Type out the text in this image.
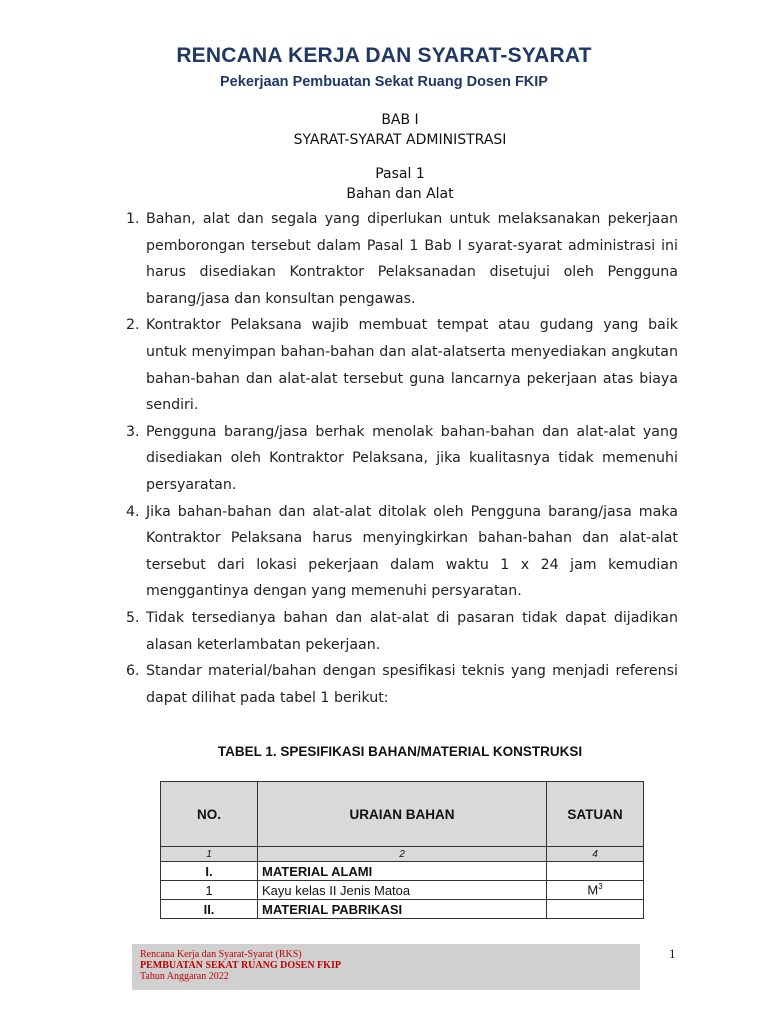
RENCANA KERJA DAN SYARAT-SYARAT
Pekerjaan Pembuatan Sekat Ruang Dosen FKIP
BAB I
SYARAT-SYARAT ADMINISTRASI
Pasal 1
Bahan dan Alat
1. Bahan, alat dan segala yang diperlukan untuk melaksanakan pekerjaan pemborongan tersebut dalam Pasal 1 Bab I syarat-syarat administrasi ini harus disediakan Kontraktor Pelaksanadan disetujui oleh Pengguna barang/jasa dan konsultan pengawas.
2. Kontraktor Pelaksana wajib membuat tempat atau gudang yang baik untuk menyimpan bahan-bahan dan alat-alatserta menyediakan angkutan bahan-bahan dan alat-alat tersebut guna lancarnya pekerjaan atas biaya sendiri.
3. Pengguna barang/jasa berhak menolak bahan-bahan dan alat-alat yang disediakan oleh Kontraktor Pelaksana, jika kualitasnya tidak memenuhi persyaratan.
4. Jika bahan-bahan dan alat-alat ditolak oleh Pengguna barang/jasa maka Kontraktor Pelaksana harus menyingkirkan bahan-bahan dan alat-alat tersebut dari lokasi pekerjaan dalam waktu 1 x 24 jam kemudian menggantinya dengan yang memenuhi persyaratan.
5. Tidak tersedianya bahan dan alat-alat di pasaran tidak dapat dijadikan alasan keterlambatan pekerjaan.
6. Standar material/bahan dengan spesifikasi teknis yang menjadi referensi dapat dilihat pada tabel 1 berikut:
TABEL 1. SPESIFIKASI BAHAN/MATERIAL KONSTRUKSI
NO.	URAIAN BAHAN	SATUAN
1	2	4
I.	MATERIAL ALAMI	
1	Kayu kelas II Jenis Matoa	$M^3$
II.	MATERIAL PABRIKASI	
Rencana Kerja dan Syarat-Syarat (RKS)
PEMBUATAN SEKAT RUANG DOSEN FKIP
Tahun Anggaran 2022
1
